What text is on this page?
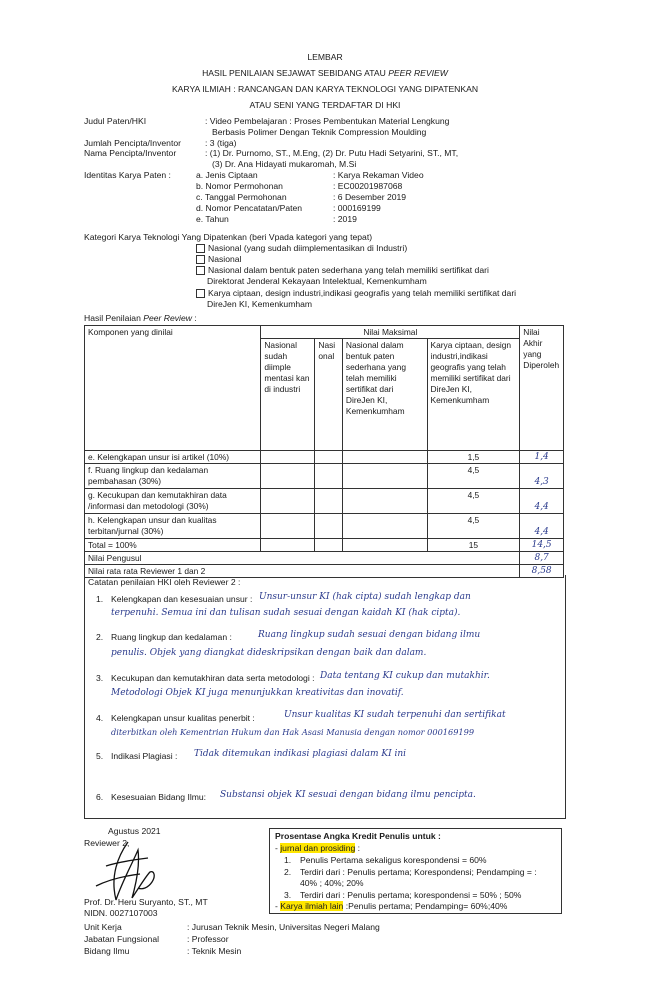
LEMBAR
HASIL PENILAIAN SEJAWAT SEBIDANG ATAU PEER REVIEW
KARYA ILMIAH : RANCANGAN DAN KARYA TEKNOLOGI YANG DIPATENKAN
ATAU SENI YANG TERDAFTAR DI HKI
Judul Paten/HKI	: Video Pembelajaran : Proses Pembentukan Material Lengkung
Berbasis Polimer Dengan Teknik Compression Moulding
Jumlah Pencipta/Inventor	: 3 (tiga)
Nama Pencipta/Inventor	: (1) Dr. Purnomo, ST., M.Eng, (2) Dr. Putu Hadi Setyarini, ST., MT,
(3) Dr. Ana Hidayati mukaromah, M.Si
Identitas Karya Paten :	a. Jenis Ciptaan	: Karya Rekaman Video
b. Nomor Permohonan	: EC00201987068
c. Tanggal Permohonan	: 6 Desember 2019
d. Nomor Pencatatan/Paten	: 000169199
e. Tahun	: 2019
Kategori Karya Teknologi Yang Dipatenkan (beri Vpada kategori yang tepat)
Nasional (yang sudah diimplementasikan di Industri)
Nasional
Nasional dalam bentuk paten sederhana yang telah memiliki sertifikat dari
Direktorat Jenderal Kekayaan Intelektual, Kemenkumham
Karya ciptaan, design industri,indikasi geografis yang telah memiliki sertifikat dari
DireJen KI, Kemenkumham
Hasil Penilaian Peer Review :
Komponen yang dinilai	Nilai Maksimal				Nilai Akhir yang Diperoleh
	Nasional sudah diimple mentasi kan di industri	Nasi onal	Nasional dalam bentuk paten sederhana yang telah memiliki sertifikat dari DireJen KI, Kemenkumham	Karya ciptaan, design industri,indikasi geografis yang telah memiliki sertifikat dari DireJen KI, Kemenkumham	
e. Kelengkapan unsur isi artikel (10%)				1,5	1,4
f. Ruang lingkup dan kedalaman pembahasan (30%)				4,5	4,3
g. Kecukupan dan kemutakhiran data /informasi dan metodologi (30%)				4,5	4,4
h. Kelengkapan unsur dan kualitas terbitan/jurnal (30%)				4,5	4,4
Total = 100%				15	14,5
Nilai Pengusul					8,7
Nilai rata rata Reviewer 1 dan 2					8,58
Catatan penilaian HKI oleh Reviewer 2 :
1. Kelengkapan dan kesesuaian unsur : Unsur-unsur KI (hak cipta) sudah lengkap dan
terpenuhi. Semua ini dan tulisan sudah sesuai dengan kaidah KI (hak cipta).
2. Ruang lingkup dan kedalaman :	Ruang lingkup sudah sesuai dengan bidang ilmu
penulis. Objek yang diangkat dideskripsikan dengan baik dan dalam.
3. Kecukupan dan kemutakhiran data serta metodologi : Data tentang KI cukup dan mutakhir.
Metodologi Objek KI juga menunjukkan kreativitas dan inovatif.
4. Kelengkapan unsur kualitas penerbit :	Unsur kualitas KI sudah terpenuhi dan sertifikat
diterbitkan oleh Kementrian Hukum dan Hak Asasi Manusia dengan nomor 000169199
5. Indikasi Plagiasi : Tidak ditemukan indikasi plagiasi dalam KI ini
6. Kesesuaian Bidang Ilmu: Substansi objek KI sesuai dengan bidang ilmu pencipta.
Agustus 2021
Reviewer 2,
Prof. Dr. Heru Suryanto, ST., MT
NIDN. 0027107003
Unit Kerja	: Jurusan Teknik Mesin, Universitas Negeri Malang
Jabatan Fungsional	: Professor
Bidang Ilmu	: Teknik Mesin
Prosentase Angka Kredit Penulis untuk :
- jurnal dan prosiding :
1. Penulis Pertama sekaligus korespondensi = 60%
2. Terdiri dari : Penulis pertama; Korespondensi; Pendamping = :
40% ; 40%; 20%
3. Terdiri dari : Penulis pertama; korespondensi = 50% ; 50%
- Karya ilmiah lain :Penulis pertama; Pendamping= 60%;40%
